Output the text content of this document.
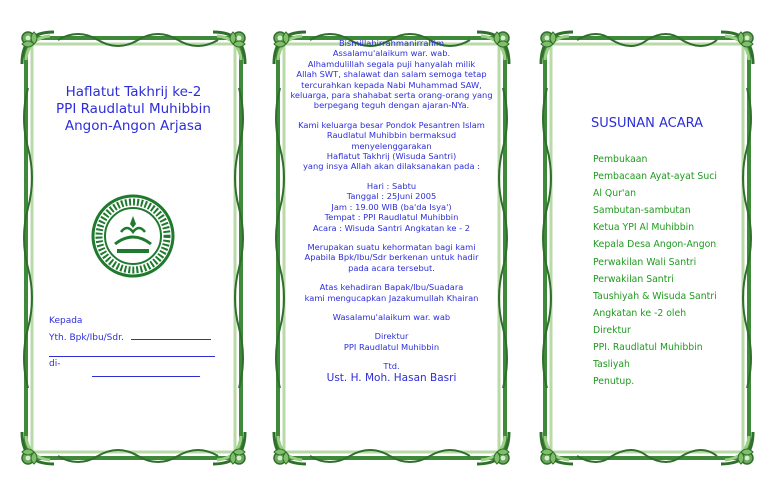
Haflatut Takhrij ke-2
PPI Raudlatul Muhibbin
Angon-Angon Arjasa
Kepada
Yth. Bpk/Ibu/Sdr.
di-
Bismillahirrahmanirrahim
Assalamu'alaikum war. wab.
Alhamdulillah segala puji hanyalah milik
Allah SWT, shalawat dan salam semoga tetap
tercurahkan kepada Nabi Muhammad SAW,
keluarga, para shahabat serta orang-orang yang
berpegang teguh dengan ajaran-NYa.
Kami keluarga besar Pondok Pesantren Islam
Raudlatul Muhibbin bermaksud
menyelenggarakan
Haflatut Takhrij (Wisuda Santri)
yang insya Allah akan dilaksanakan pada :
Hari : Sabtu
Tanggal : 25Juni 2005
Jam : 19.00 WIB (ba'da Isya')
Tempat : PPI Raudlatul Muhibbin
Acara : Wisuda Santri Angkatan ke - 2
Merupakan suatu kehormatan bagi kami
Apabila Bpk/Ibu/Sdr berkenan untuk hadir
pada acara tersebut.
Atas kehadiran Bapak/Ibu/Suadara
kami mengucapkan Jazakumullah Khairan
Wasalamu'alaikum war. wab
Direktur
PPI Raudlatul Muhibbin
Ttd.
Ust. H. Moh. Hasan Basri
SUSUNAN ACARA
Pembukaan
Pembacaan Ayat-ayat Suci
Al Qur'an
Sambutan-sambutan
Ketua YPI Al Muhibbin
Kepala Desa Angon-Angon
Perwakilan Wali Santri
Perwakilan Santri
Taushiyah & Wisuda Santri
Angkatan ke -2 oleh
Direktur
PPI. Raudlatul Muhibbin
Tasliyah
Penutup.
